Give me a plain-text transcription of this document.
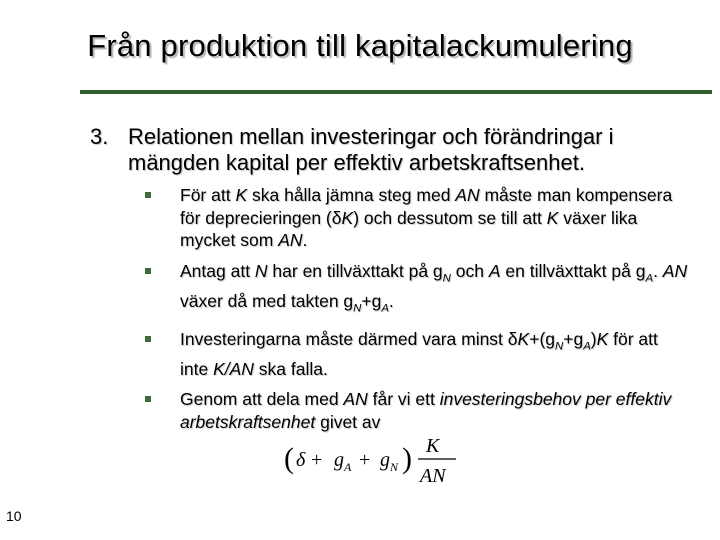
Från produktion till kapitalackumulering
3. Relationen mellan investeringar och förändringar i mängden kapital per effektiv arbetskraftsenhet.
För att K ska hålla jämna steg med AN måste man kompensera för deprecieringen (δK) och dessutom se till att K växer lika mycket som AN.
Antag att N har en tillväxttakt på $g_N$ och A en tillväxttakt på $g_A$. AN växer då med takten $g_N+g_A$.
Investeringarna måste därmed vara minst $\delta K+(g_N+g_A)K$ för att inte K/AN ska falla.
Genom att dela med AN får vi ett investeringsbehov per effektiv arbetskraftsenhet givet av
( δ + g A + g N ) K
AN
10
